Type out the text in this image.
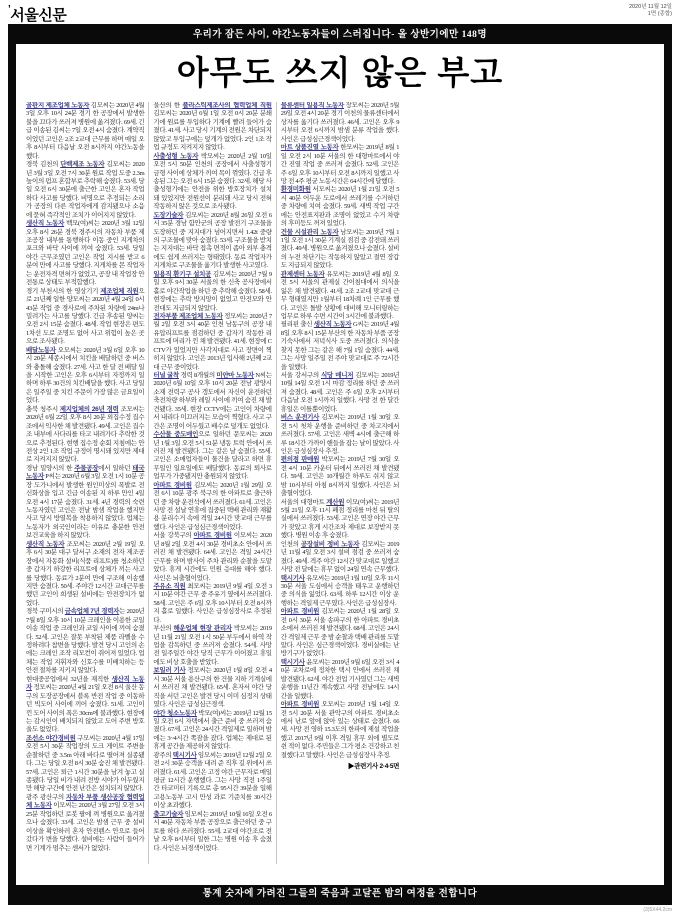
’서울신문	2020년 11월 12일
1면 (종합)
우리가 잠든 사이, 야간노동자들이 스러집니다- 올 상반기에만 148명
아무도 쓰지 않은 부고

골판지 제조업체 노동자 김모씨는 2020년 4월 3일 오후 10시 24분 경기 한 공장에서 발생한 불을 끄다가 쓰러져 병원에 옮겨졌다. 69세. 긴급 이송된 김씨는 7일 오전 4시 숨졌다. 계약직이었던 고인은 2조 2교대 근무를 하며 매일 오후 8시부터 다음날 오전 8시까지 야간노동을 했다.

경북 김천의 단백제조 노동자 김모씨는 2020년 3월 3일 오전 7시 30분 원료 작업 도중 2.3m 높이의 펌프 혼합부로 추락해 숨졌다. 53세. 당일 오전 6시 30분에 출근한 고인은 혼자 작업하다 사고를 당했다. 비명으로 추정되는 소리가 공장의 다른 작업자에게 감지됐으나 소음에 묻혀 즉각적인 조치가 이어지지 않았다.

생산직 노동자 백모(여)씨는 2020년 3월 12일 오후 8시 26분 경북 경주시의 자동차 부품 제조공장 내부를 통행하다 이동 중인 지게차의 포크와 바닥 사이에 끼여 숨졌다. 53세. 당일 야간 근무조였던 고인은 작업 지시를 받고 6분여 만에 사고를 당했다. 지게차를 몬 작업자는 운전자격 면허가 없었고, 공장 내 작업장 안전통로 상태도 부적합했다.

경기 부천시의 한 영상기기 제조업체 직원으로 21년째 일한 양모씨는 2020년 4월 24일 0시 43분 작업 중 경사로에 주차된 차량에 24m나 밀려가는 사고를 당했다. 긴급 후송된 양씨는 오전 2시 15분 숨졌다. 48세. 작업 현장은 편도 1차선 도로 조명도 없어 사고 위험이 높은 곳으로 조사됐다.

배달노동자 오모씨는 2020년 3월 6일 오후 10시 20분 세종시에서 치킨을 배달하던 중 버스와 충돌해 숨졌다. 27세. 사고 한 달 전 배달 일을 시작한 고인은 오후 6시부터 자정까지 일하며 하루 30건의 치킨배달을 했다. 사고 당일은 일주일 중 치킨 주문이 가장 많은 금요일이었다.

충북 청주시 제지업체의 26년 경력 조모씨는 2020년 6월 22일 오후 8시 20분 외집수정 집수조에서 익사한 채 발견됐다. 49세. 고인은 집수조 내부에 사다리를 타고 내려가다 추락한 것으로 추정된다. 현행 집수정 순회 지침에는 안전상 2인 1조 작업 규정이 명시돼 있지만 제대로 지켜지지 않았다.

경남 밀양시의 한 주물공장에서 일하던 태국 노동자 P씨는 2020년 6월 3일 오전 1시 10분 공장 도가니에서 발생한 원인미상의 폭발로 전신화상을 입고 긴급 이송된 지 하루 만인 4일 오전 4시 17분 숨졌다. 31세. 4년 경력의 숙련노동자였던 고인은 전날 밤샘 작업을 했지만 사고 당시 방열복을 착용하지 않았다. 업체는 노동자가 외국인이라는 이유로 충분한 안전보건교육을 하지 않았다.

생산직 노동자 조모씨는 2020년 2월 19일 오후 6시 30분 대구 달서구 소재의 전자 제조공장에서 자동화 설비(식품 리프트)를 청소하던 중 갑자기 하강한 리프트에 상체가 끼는 사고를 당했다. 동료가 2분여 만에 구조해 이송했지만 숨졌다. 50세. 주야간 12시간 교대근무를 했던 고인이 희생된 설비에는 안전장치가 없었다.

경북 구미시의 금속업체 7년 경력자는 2020년 7월 8일 오후 10시 10분 크레인을 이용한 코일 이송 작업 중 크레인과 코일 사이에 끼여 숨졌다. 52세. 고인은 잘못 부착된 제품 라벨을 수정하려다 참변을 당했다. 발견 당시 고인의 손에는 크레인 조작 리모컨이 쥐어져 있었다. 업체는 작업 지휘자와 신호수를 미배치하는 등 안전 절차를 지키지 않았다.

현대중공업에서 32년을 재직한 생산직 노동자 정모씨는 2020년 4월 21일 오전 8시 울산 동구의 도장공장에서 블록 반전 작업 중 이동하던 빅도어 사이에 끼어 숨졌다. 51세. 고인이 낀 도어 사이의 폭은 30cm에 불과했다. 현장에는 감시인이 배치되지 않았고 도어 주변 방호울도 없었다.

조선소 야간경비원 구모씨는 2020년 4월 17일 오전 5시 30분 작업장의 도크 게이트 주변을 순찰하던 중 3.5m 아래 바다로 떨어져 실종됐다. 그는 당일 오전 8시 30분 숨진 채 발견됐다. 57세. 고인은 퇴근 1시간 30분을 남겨 놓고 실종됐다. 당일 비가 내려 전방 시야가 어두웠지만 해당 구간에 안전 난간은 설치되지 않았다.

광주 광산구의 자동차 부품 생산공장 협력업체 노동자 이모씨는 2020년 3월 27일 오전 3시 25분 작업하던 로봇 팔에 껴 병원으로 옮겨졌으나 숨졌다. 33세. 고인은 밤샘 근무 중 설비 이상을 확인하러 혼자 안전펜스 안으로 들어갔다가 변을 당했다. 설비에는 사람이 들어가면 기계가 멈추는 센서가 없었다.

울산의 한 플라스틱제조사의 협력업체 직원 김모씨는 2020년 6월 1일 오전 0시 20분 분쇄기에 원료를 투입하다 기계에 빨려 들어가 숨졌다. 41세. 사고 당시 기계의 전원은 차단되지 않았고 투입구에는 덮개가 없었다. 2인 1조 작업 규정도 지켜지지 않았다.

사출성형 노동자 박모씨는 2020년 2월 10일 오전 5시 50분 인천의 공장에서 사출성형기 금형 사이에 상체가 끼여 목이 꺾였다. 긴급 후송된 그는 오전 6시 15분 숨졌다. 32세. 해당 사출성형기에는 안전을 위한 방호장치가 설치돼 있었지만 전원선이 분리돼 사고 당시 전혀 작동하지 않은 것으로 조사됐다.

도장기술자 김모씨는 2020년 8월 26일 오전 6시 35분 경남 함안군의 공장 발전기 구조물을 도장하던 중 지지대가 넘어지면서 1.42t 중량의 구조물에 맞아 숨졌다. 53세. 구조물을 받치는 지지대는 바닥 접촉 면적이 좁아 외부 충격에도 쉽게 쓰러지는 형태였다. 동료 작업자가 지게차로 구조물을 옮기다 발생한 사고였다.

일용직 환기구 설치공 김모씨는 2020년 7월 9일 오후 9시 30분 서울의 한 신축 공사장에서 홀로 야간작업을 하던 중 추락해 숨졌다. 58세. 현장에는 추락 방지망이 없었고 안전모와 안전대도 지급되지 않았다.

전자부품 제조업체 노동자 정모씨는 2020년 7월 2일 오전 3시 40분 인천 남동구의 공장 내 유압리프트를 점검하던 중 갑자기 작동한 리프트에 머리가 낀 채 발견됐다. 41세. 현장에 CCTV가 있었지만 사각지대로 사고 장면이 찍히지 않았다. 고인은 2013년 입사해 2년째 2교대 근무 중이었다.

터널 굴착 경력 8개월의 미얀마 노동자 N씨는 2020년 6월 10일 오후 10시 20분 전남 광양시 소재 전력구 공사 갱도에서 자신이 운전하던 축전차량 하부와 레일 사이에 끼여 숨진 채 발견됐다. 35세. 현장 CCTV에는 고인이 차량에서 내리다 미끄러지는 모습이 찍혔다. 사고 구간은 조명이 어두웠고 배수로 덮개도 없었다.

수산물 중도매인으로 일하던 문모씨는 2020년 1월 3일 오전 5시 51분 냉동 트럭 안에서 쓰러진 채 발견됐다. 그는 같은 날 숨졌다. 55세. 고인은 소매업자들이 물건을 달라고 하면 휴무일인 일요일에도 배달했다. 동료의 퇴사로 업무가 가중됐지만 충원되지 않았다.

아파트 경비원 김모씨는 2020년 1월 29일 오전 6시 10분 광주 북구의 한 아파트로 출근하던 중 차량 운전석에서 쓰러졌다. 61세. 고인은 사망 전 설날 연휴에 집중된 택배 관리와 재활용 분리수거 속에 격일 24시간 맞교대 근무를 했다. 사인은 급성심근경색이었다.

서울 강북구의 아파트 경비원 이모씨는 2020년 8월 2일 오전 4시 30분 경비초소 안에서 쓰러진 채 발견됐다. 64세. 고인은 격일 24시간 근무를 하며 밤사이 주차 관리와 순찰을 도맡았다. 휴게 시간에도 민원 응대를 해야 했다. 사인은 뇌출혈이었다.

주유소 직원 최모씨는 2019년 9월 4일 오전 3시 10분 야간 근무 중 주유기 옆에서 쓰러졌다. 58세. 고인은 주 6일 오후 10시부터 오전 8시까지 홀로 일했다. 사인은 급성심장사로 추정된다.

부산의 해운업체 현장 관리자 박모씨는 2019년 11월 21일 오전 1시 50분 부두에서 하역 작업을 감독하던 중 쓰러져 숨졌다. 54세. 사망 전 일주일간 야간 당직 근무가 이어졌고 휴일에도 비상 호출을 받았다.

보일러 기사 정모씨는 2020년 1월 8일 오전 4시 30분 서울 용산구의 한 건물 지하 기계실에서 쓰러진 채 발견됐다. 65세. 혼자서 야간 당직을 서던 고인은 발견 당시 이미 심정지 상태였다. 사인은 급성심근경색.

야간 청소노동자 박모(여)씨는 2019년 12월 15일 오전 6시 자택에서 출근 준비 중 쓰러져 숨졌다. 67세. 고인은 24시간 격일제로 일하며 밤에는 3~4시간 쪽잠을 잤다. 업체는 제대로 된 휴게 공간을 제공하지 않았다.

광주의 택시기사 임모씨는 2019년 12월 2일 오전 2시 30분 승객을 내려 준 직후 길 위에서 쓰러졌다. 61세. 고인은 고정 야간 근무자로 매일 평균 12시간 운행했다. 그는 사망 직전 1주일간 타코미터 기록으로 총 95시간 39분을 일해 고용노동부 고시 만성 과로 기준치를 30시간 이상 초과했다.

출고기술자 임모씨는 2019년 10월 16일 오전 6시 40분 자동차 부품 공장으로 출근하던 중 구토를 하다 쓰러졌다. 55세. 2교대 야간조로 전날 오후 8시부터 일한 그는 병원 이송 후 숨졌다. 사인은 뇌경색이었다.

물류센터 일용직 노동자 장모씨는 2020년 5월 29일 오전 4시 20분 경기 이천의 물류센터에서 상자를 옮기다 쓰러졌다. 46세. 고인은 오후 9시부터 오전 6시까지 밤샘 분류 작업을 했다. 사인은 급성심근경색이었다.

마트 상품진열 노동자 한모씨는 2019년 8월 1일 오전 2시 10분 서울의 한 대형마트에서 야간 진열 작업 중 쓰러져 숨졌다. 52세. 고인은 주 6일 오후 10시부터 오전 8시까지 일했고 사망 전 4주 평균 노동시간은 64시간에 달했다.

환경미화원 서모씨는 2020년 1월 21일 오전 5시 40분 어두운 도로에서 쓰레기를 수거하던 중 차량에 치여 숨졌다. 59세. 새벽 작업 구간에는 안전표지판과 조명이 없었고 수거 차량의 후미등도 꺼져 있었다.

건물 시설관리 노동자 남모씨는 2019년 7월 11일 오전 1시 30분 기계실 점검 중 감전돼 쓰러졌다. 49세. 병원으로 옮겨졌으나 숨졌다. 설비의 누전 차단기는 작동하지 않았고 절연 장갑도 지급되지 않았다.

관제센터 노동자 유모씨는 2019년 4월 8일 오전 5시 서울의 관제실 간이침대에서 의식을 잃은 채 발견됐다. 41세. 2조 2교대 맞교대 근무 형태였지만 1월부터 18차례 1인 근무를 했다. 고인은 돌발 상황에 대비해 모니터링하는 업무로 하루 수면 시간이 3시간에 불과했다.

필리핀 출신 생산직 노동자 G씨는 2019년 4월 8일 오후 8시 15분 부산의 한 자동차 부품 공장 기숙사에서 저녁식사 도중 쓰러졌다. 의식을 찾지 못한 그는 같은 해 7월 1일 숨졌다. 44세. 그는 사망 일주일 전 주야 맞교대로 주 72시간을 일했다.

서울 강서구의 식당 매니저 김모씨는 2019년 10월 14일 오전 1시 마감 정리를 하던 중 쓰러져 숨졌다. 48세. 고인은 주 6일 오후 2시부터 다음날 오전 1시까지 일했다. 사망 전 한 달간 휴일은 이틀뿐이었다.

버스 운전기사 김모씨는 2019년 1월 30일 오전 5시 첫차 운행을 준비하던 중 차고지에서 쓰러졌다. 57세. 고인은 새벽 4시에 출근해 하루 18시간 가까이 핸들을 잡는 날이 많았다. 사인은 급성심장사 추정.

편의점 판매원 박모씨는 2019년 7월 30일 오전 4시 10분 카운터 뒤에서 쓰러진 채 발견됐다. 59세. 고인은 10개월간 하루도 쉬지 않고 밤 10시부터 아침 8시까지 일했다. 사인은 뇌출혈이었다.

서울의 대형마트 계산원 이모(여)씨는 2019년 5월 21일 오후 11시 폐점 정리를 마친 뒤 탈의실에서 쓰러졌다. 53세. 고인은 연장 야간 근무가 잦았고 휴게 시간조차 제대로 보장받지 못했다. 병원 이송 후 숨졌다.

인천의 공장설비 정비 노동자 김모씨는 2019년 11월 4일 오전 3시 설비 점검 중 쓰러져 숨졌다. 49세. 격주 야간 12시간 맞교대로 일했고 사망 전 달에는 휴무 없이 24일 연속 근무했다.

택시기사 유모씨는 2019년 1월 10일 오후 11시 30분 서울 도심에서 승객을 태우고 운행하던 중 의식을 잃었다. 63세. 하루 12시간 이상 운행하는 격일제 근무였다. 사인은 급성심장사.

아파트 경비원 김모씨는 2020년 1월 28일 오전 0시 30분 서울 송파구의 한 아파트 경비초소에서 쓰러진 채 발견됐다. 68세. 고인은 24시간 격일제 근무 중 밤 순찰과 택배 관리를 도맡았다. 사인은 심근경색이었다. 경비실에는 난방기구가 없었다.

택시기사 윤모씨는 2019년 9월 6일 오전 3시 40분 교차로에 정차한 택시 안에서 쓰러진 채 발견됐다. 62세. 야간 전업 기사였던 그는 새벽 운행을 11년간 계속했고 사망 전날에도 14시간을 일했다.

아파트 경비원 오모씨는 2019년 1월 14일 오전 5시 20분 서울 관악구의 아파트 경비초소에서 난로 앞에 앉아 있는 상태로 숨졌다. 66세. 사망 전 영하 15.3도의 한파에 제설 작업을 했고 2017년 9월 이후 격일 휴무 외에 별도로 쉰 적이 없다. 주민들은 그가 평소 건강하고 친절했다고 말했다. 사인은 급성심장사 추정.

▶관련기사 2·4·5면

통계 숫자에 가려진 그들의 죽음과 고달픈 밤의 여정을 전합니다
(3)5X44.2cm
